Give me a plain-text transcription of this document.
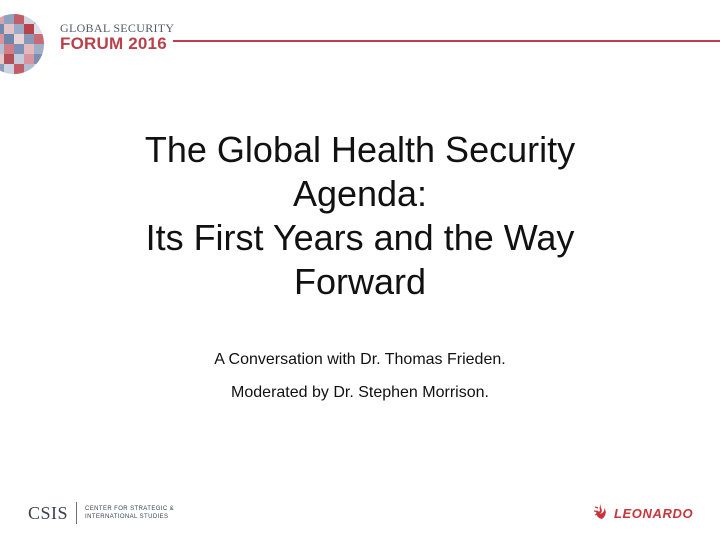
GLOBAL SECURITY
FORUM 2016
The Global Health Security
Agenda:
Its First Years and the Way
Forward
A Conversation with Dr. Thomas Frieden.
Moderated by Dr. Stephen Morrison.
CSIS	CENTER FOR STRATEGIC &
INTERNATIONAL STUDIES	LEONARDO
